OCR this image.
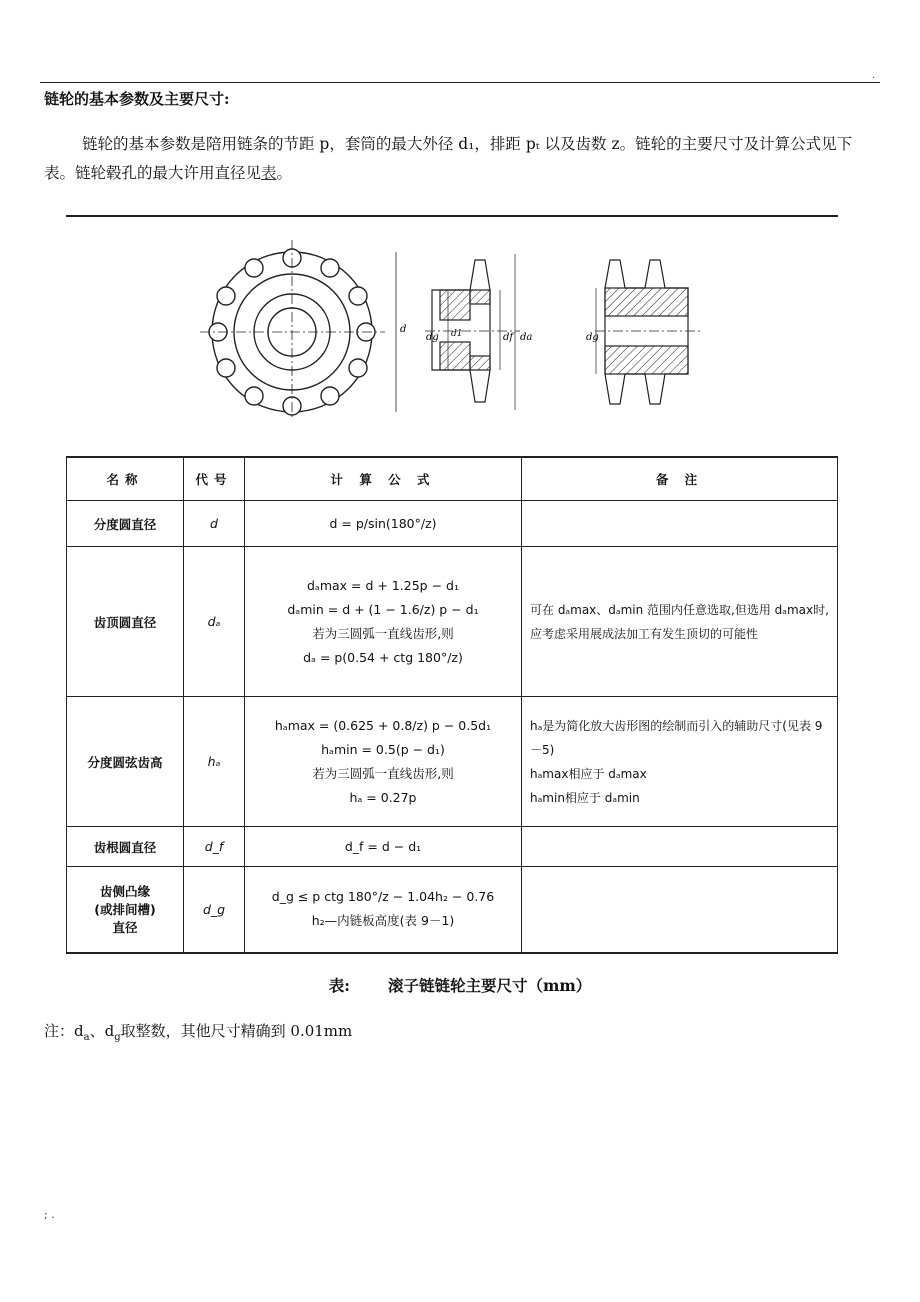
.
链轮的基本参数及主要尺寸:
链轮的基本参数是陪用链条的节距 p，套筒的最大外径 d₁，排距 pₜ 以及齿数 z。链轮的主要尺寸及计算公式见下表。链轮毂孔的最大许用直径见表。
d
dg d1	df da	dg
名称	代号	计 算 公 式	备 注
分度圆直径	d	d = p/sin(180°/z)	

齿顶圆直径	dₐ	dₐmax = d + 1.25p − d₁
dₐmin = d + (1 − 1.6/z) p − d₁
若为三圆弧一直线齿形,则
dₐ = p(0.54 + ctg 180°/z)	可在 dₐmax、dₐmin 范围内任意选取,但选用 dₐmax时,应考虑采用展成法加工有发生顶切的可能性

分度圆弦齿高	hₐ	hₐmax = (0.625 + 0.8/z) p − 0.5d₁
hₐmin = 0.5(p − d₁)
若为三圆弧一直线齿形,则
hₐ = 0.27p	hₐ是为简化放大齿形图的绘制而引入的辅助尺寸(见表 9－5)
hₐmax相应于 dₐmax
hₐmin相应于 dₐmin

齿根圆直径	d_f	d_f = d − d₁	

齿侧凸缘
(或排间槽)
直径	d_g	d_g ≤ p ctg 180°/z − 1.04h₂ − 0.76
h₂—内链板高度(表 9－1)	

表: 滚子链链轮主要尺寸（mm）
注：$d_a$、$d_g$取整数，其他尺寸精确到 0.01mm
; .
